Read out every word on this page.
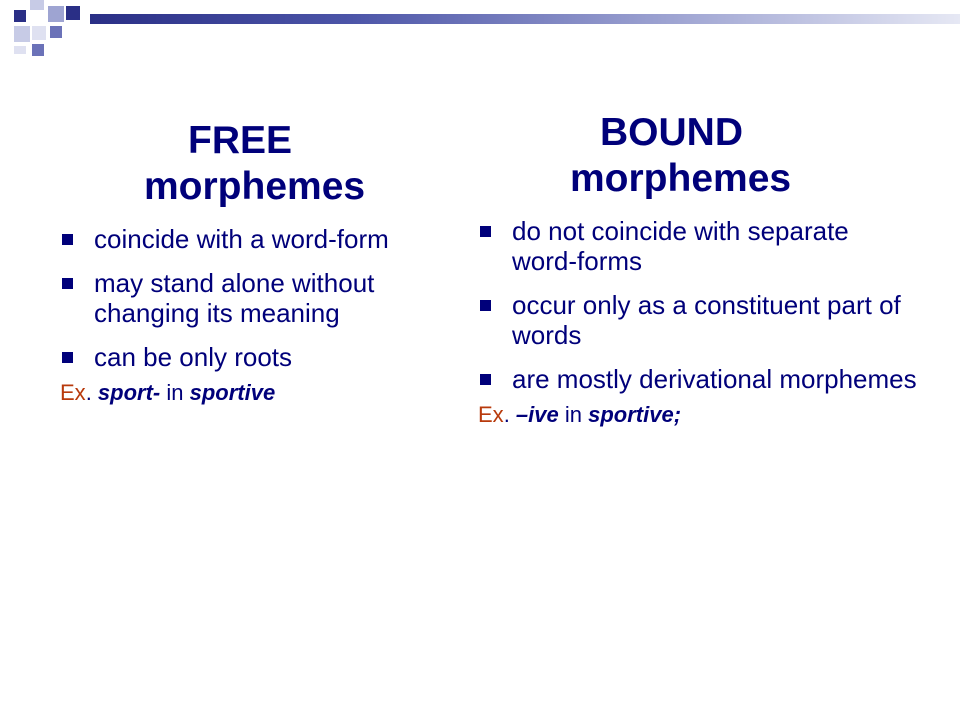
FREE
morphemes
coincide with a word-form
may stand alone without changing its meaning
can be only roots
Ex. sport- in sportive
BOUND
morphemes
do not coincide with separate word-forms
occur only as a constituent part of words
are mostly derivational morphemes
Ex. –ive in sportive;
